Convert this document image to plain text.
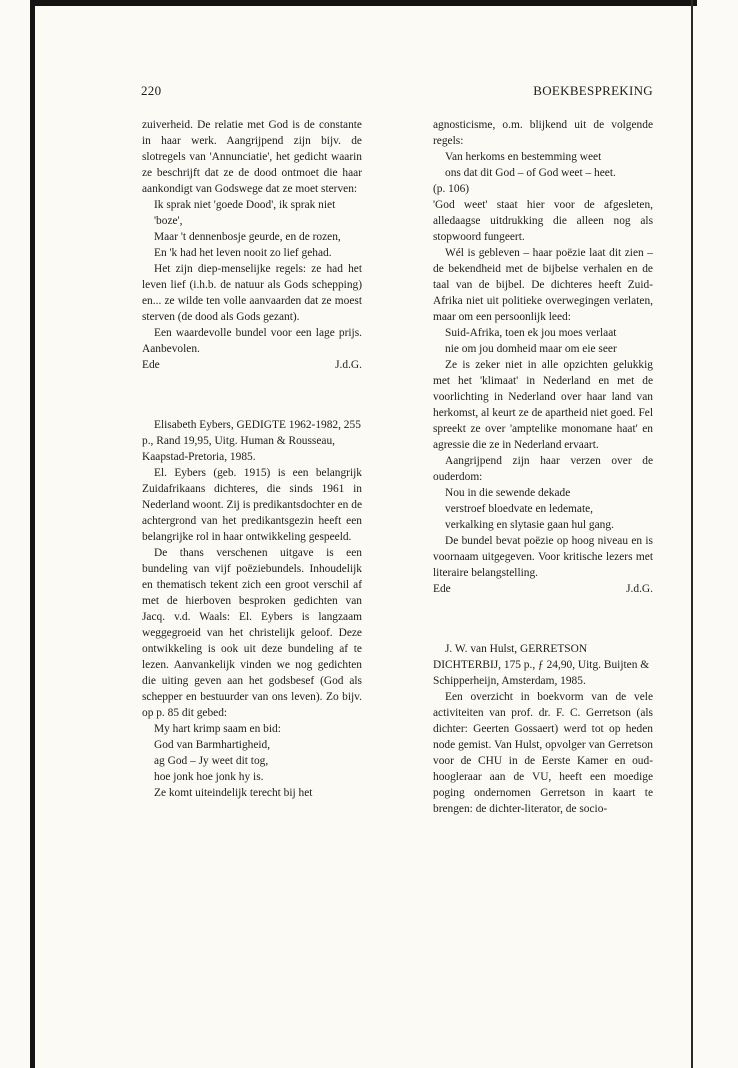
220	BOEKBESPREKING

zuiverheid. De relatie met God is de constante in haar werk. Aangrijpend zijn bijv. de slotregels van 'Annunciatie', het gedicht waarin ze beschrijft dat ze de dood ontmoet die haar aankondigt van Godswege dat ze moet sterven:

Ik sprak niet 'goede Dood', ik sprak niet 'boze',

Maar 't dennenbosje geurde, en de rozen,

En 'k had het leven nooit zo lief gehad.

Het zijn diep-menselijke regels: ze had het leven lief (i.h.b. de natuur als Gods schepping) en... ze wilde ten volle aanvaarden dat ze moest sterven (de dood als Gods gezant).

Een waardevolle bundel voor een lage prijs. Aanbevolen.

Ede	J.d.G.

Elisabeth Eybers, GEDIGTE 1962-1982, 255 p., Rand 19,95, Uitg. Human & Rousseau, Kaapstad-Pretoria, 1985.

El. Eybers (geb. 1915) is een belangrijk Zuidafrikaans dichteres, die sinds 1961 in Nederland woont. Zij is predikantsdochter en de achtergrond van het predikantsgezin heeft een belangrijke rol in haar ontwikkeling gespeeld.

De thans verschenen uitgave is een bundeling van vijf poëziebundels. Inhoudelijk en thematisch tekent zich een groot verschil af met de hierboven besproken gedichten van Jacq. v.d. Waals: El. Eybers is langzaam weggegroeid van het christelijk geloof. Deze ontwikkeling is ook uit deze bundeling af te lezen. Aanvankelijk vinden we nog gedichten die uiting geven aan het godsbesef (God als schepper en bestuurder van ons leven). Zo bijv. op p. 85 dit gebed:

My hart krimp saam en bid:

God van Barmhartigheid,

ag God – Jy weet dit tog,

hoe jonk hoe jonk hy is.

Ze komt uiteindelijk terecht bij het

agnosticisme, o.m. blijkend uit de volgende regels:

Van herkoms en bestemming weet

ons dat dit God – of God weet – heet.

(p. 106)

'God weet' staat hier voor de afgesleten, alledaagse uitdrukking die alleen nog als stopwoord fungeert.

Wél is gebleven – haar poëzie laat dit zien – de bekendheid met de bijbelse verhalen en de taal van de bijbel. De dichteres heeft Zuid-Afrika niet uit politieke overwegingen verlaten, maar om een persoonlijk leed:

Suid-Afrika, toen ek jou moes verlaat

nie om jou domheid maar om eie seer

Ze is zeker niet in alle opzichten gelukkig met het 'klimaat' in Nederland en met de voorlichting in Nederland over haar land van herkomst, al keurt ze de apartheid niet goed. Fel spreekt ze over 'amptelike monomane haat' en agressie die ze in Nederland ervaart.

Aangrijpend zijn haar verzen over de ouderdom:

Nou in die sewende dekade

verstroef bloedvate en ledemate,

verkalking en slytasie gaan hul gang.

De bundel bevat poëzie op hoog niveau en is voornaam uitgegeven. Voor kritische lezers met literaire belangstelling.

Ede	J.d.G.

J. W. van Hulst, GERRETSON DICHTERBIJ, 175 p., ƒ 24,90, Uitg. Buijten & Schipperheijn, Amsterdam, 1985.

Een overzicht in boekvorm van de vele activiteiten van prof. dr. F. C. Gerretson (als dichter: Geerten Gossaert) werd tot op heden node gemist. Van Hulst, opvolger van Gerretson voor de CHU in de Eerste Kamer en oud-hoogleraar aan de VU, heeft een moedige poging ondernomen Gerretson in kaart te brengen: de dichter-literator, de socio-
